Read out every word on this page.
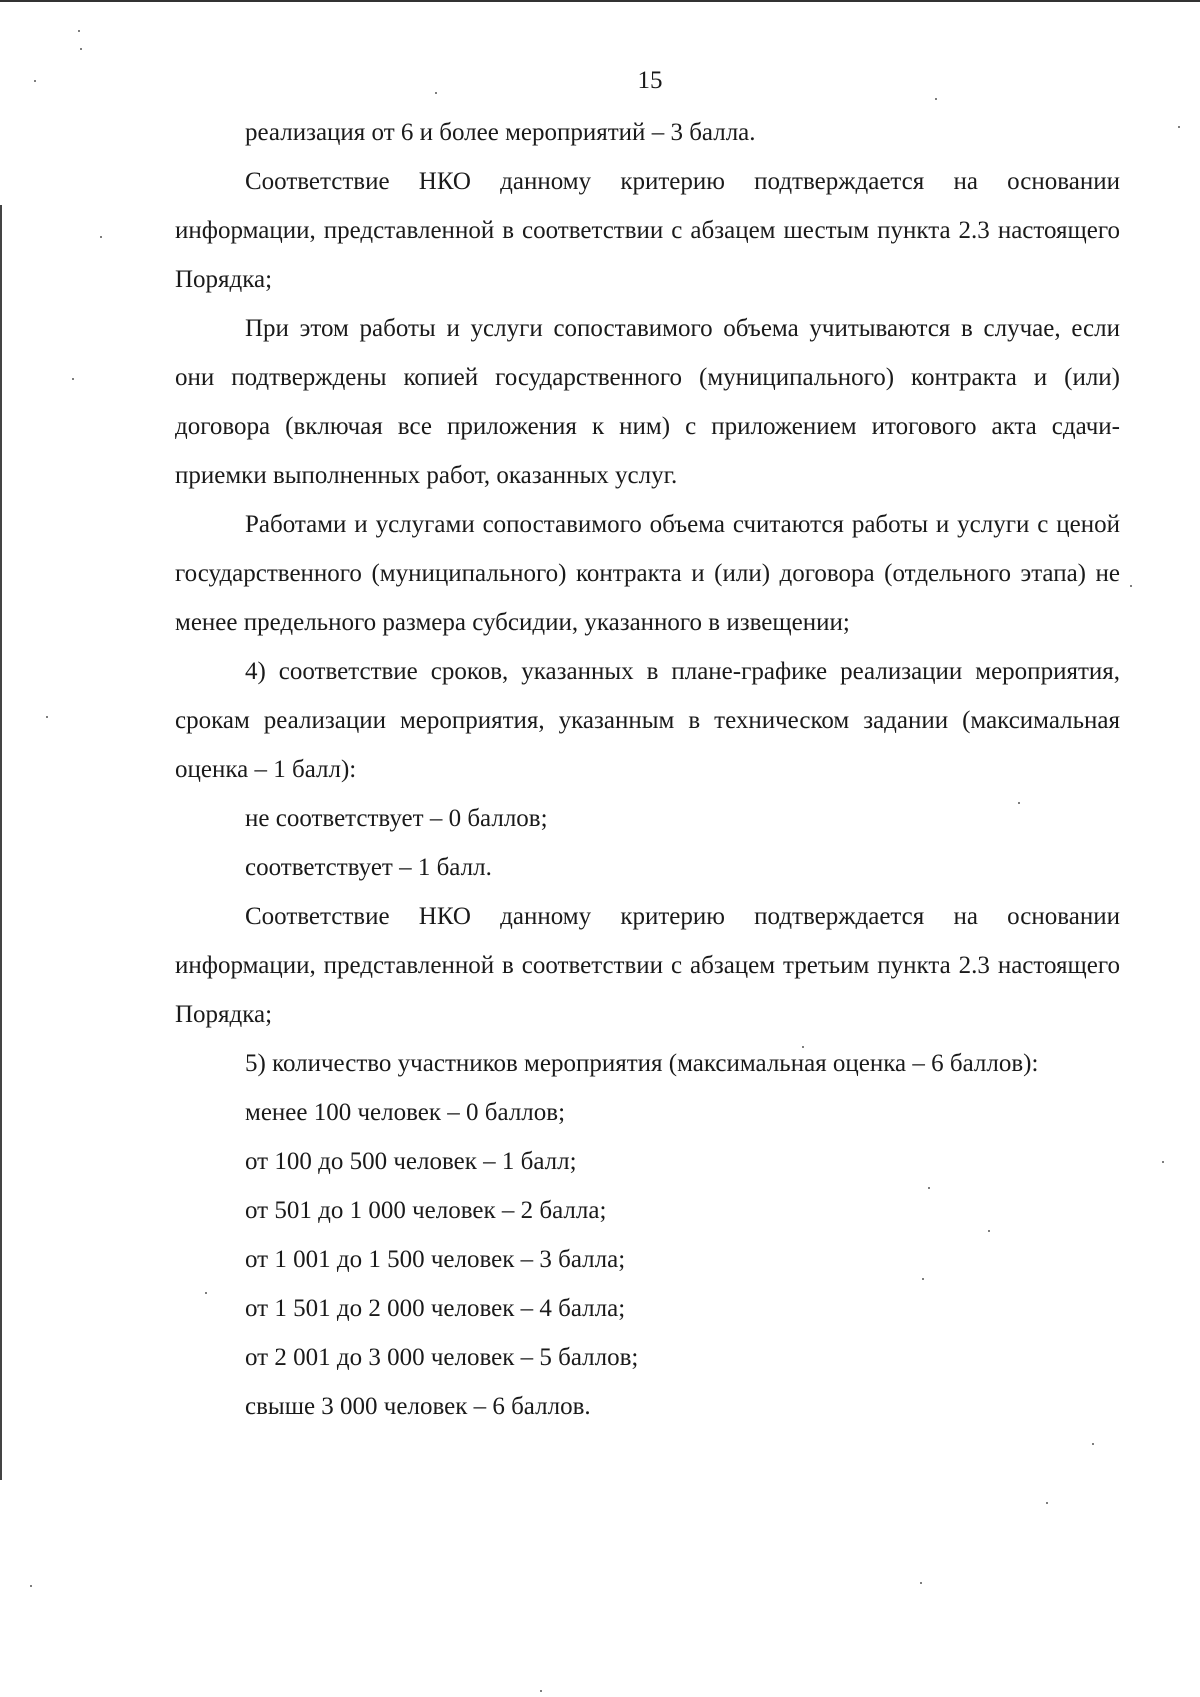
15

реализация от 6 и более мероприятий – 3 балла.

Соответствие НКО данному критерию подтверждается на основании информации, представленной в соответствии с абзацем шестым пункта 2.3 настоящего Порядка;

При этом работы и услуги сопоставимого объема учитываются в случае, если они подтверждены копией государственного (муниципального) контракта и (или) договора (включая все приложения к ним) с приложением итогового акта сдачи-приемки выполненных работ, оказанных услуг.

Работами и услугами сопоставимого объема считаются работы и услуги с ценой государственного (муниципального) контракта и (или) договора (отдельного этапа) не менее предельного размера субсидии, указанного в извещении;

4) соответствие сроков, указанных в плане-графике реализации мероприятия, срокам реализации мероприятия, указанным в техническом задании (максимальная оценка – 1 балл):

не соответствует – 0 баллов;

соответствует – 1 балл.

Соответствие НКО данному критерию подтверждается на основании информации, представленной в соответствии с абзацем третьим пункта 2.3 настоящего Порядка;

5) количество участников мероприятия (максимальная оценка – 6 баллов):

менее 100 человек – 0 баллов;

от 100 до 500 человек – 1 балл;

от 501 до 1 000 человек – 2 балла;

от 1 001 до 1 500 человек – 3 балла;

от 1 501 до 2 000 человек – 4 балла;

от 2 001 до 3 000 человек – 5 баллов;

свыше 3 000 человек – 6 баллов.
